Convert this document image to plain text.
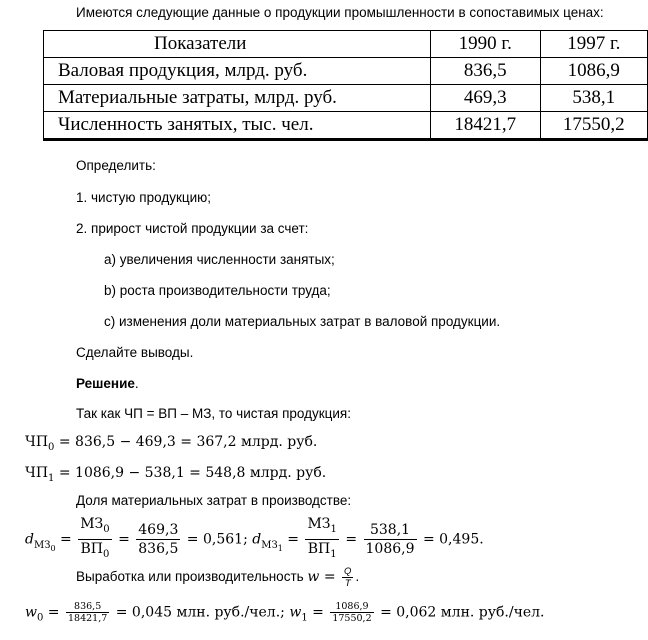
Имеются следующие данные о продукции промышленности в сопоставимых ценах:
Показатели	1990 г.	1997 г.
Валовая продукция, млрд. руб.	836,5	1086,9
Материальные затраты, млрд. руб.	469,3	538,1
Численность занятых, тыс. чел.	18421,7	17550,2
Определить:
1. чистую продукцию;
2. прирост чистой продукции за счет:
a) увеличения численности занятых;
b) роста производительности труда;
c) изменения доли материальных затрат в валовой продукции.
Сделайте выводы.
Решение.
Так как ЧП = ВП – МЗ, то чистая продукция:
$ЧП_0 = 836,5 - 469,3 = 367,2$ млрд. руб.
$ЧП_1 = 1086,9 - 538,1 = 548,8$ млрд. руб.
Доля материальных затрат в производстве:
$d_{МЗ_0} = \frac{МЗ_0}{ВП_0} = \frac{469,3}{836,5} = 0,561$; $d_{МЗ_1} = \frac{МЗ_1}{ВП_1} = \frac{538,1}{1086,9} = 0,495$.
Выработка или производительность $w = \frac{Q}{T}$ .
$w_0 = \frac{836,5}{18421,7} = 0,045$ млн. руб./чел.; $w_1 = \frac{1086,9}{17550,2} = 0,062$ млн. руб./чел.
